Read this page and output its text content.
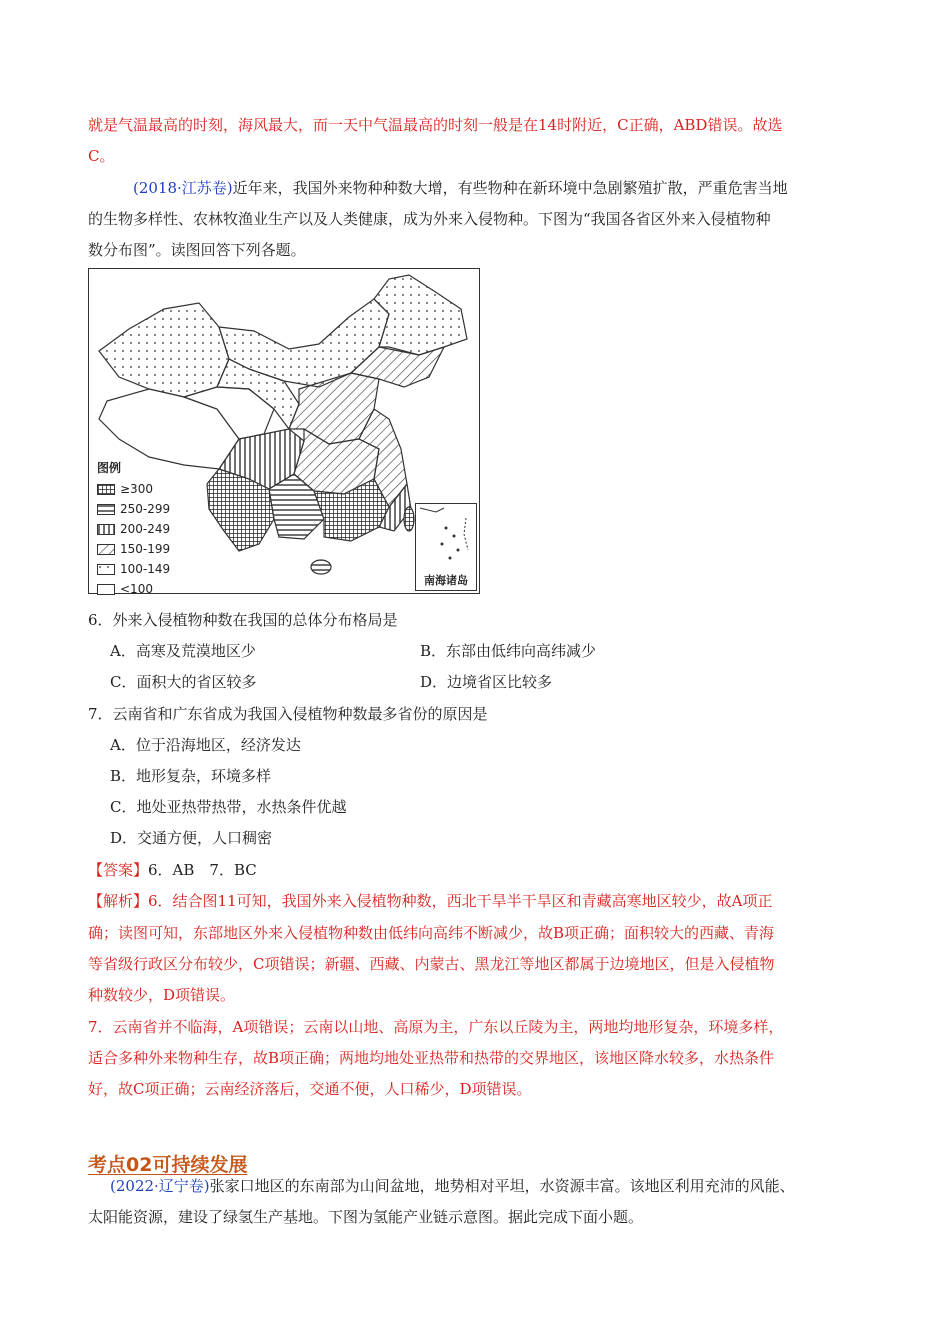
就是气温最高的时刻，海风最大，而一天中气温最高的时刻一般是在14时附近，C正确，ABD错误。故选
C。
(2018·江苏卷)近年来，我国外来物种种数大增，有些物种在新环境中急剧繁殖扩散，严重危害当地
的生物多样性、农林牧渔业生产以及人类健康，成为外来入侵物种。下图为“我国各省区外来入侵植物种
数分布图”。读图回答下列各题。
图例
≥300
250-299
200-249
150-199
100-149
<100
南海诸岛
6．外来入侵植物种数在我国的总体分布格局是
A．高寒及荒漠地区少	B．东部由低纬向高纬减少
C．面积大的省区较多	D．边境省区比较多
7．云南省和广东省成为我国入侵植物种数最多省份的原因是
A．位于沿海地区，经济发达
B．地形复杂，环境多样
C．地处亚热带热带，水热条件优越
D．交通方便，人口稠密
【答案】6．AB　7．BC
【解析】6．结合图11可知，我国外来入侵植物种数，西北干旱半干旱区和青藏高寒地区较少，故A项正
确；读图可知，东部地区外来入侵植物种数由低纬向高纬不断减少，故B项正确；面积较大的西藏、青海
等省级行政区分布较少，C项错误；新疆、西藏、内蒙古、黑龙江等地区都属于边境地区，但是入侵植物
种数较少，D项错误。
7．云南省并不临海，A项错误；云南以山地、高原为主，广东以丘陵为主，两地均地形复杂，环境多样，
适合多种外来物种生存，故B项正确；两地均地处亚热带和热带的交界地区，该地区降水较多，水热条件
好，故C项正确；云南经济落后，交通不便，人口稀少，D项错误。
考点02可持续发展
(2022·辽宁卷)张家口地区的东南部为山间盆地，地势相对平坦，水资源丰富。该地区利用充沛的风能、
太阳能资源，建设了绿氢生产基地。下图为氢能产业链示意图。据此完成下面小题。
